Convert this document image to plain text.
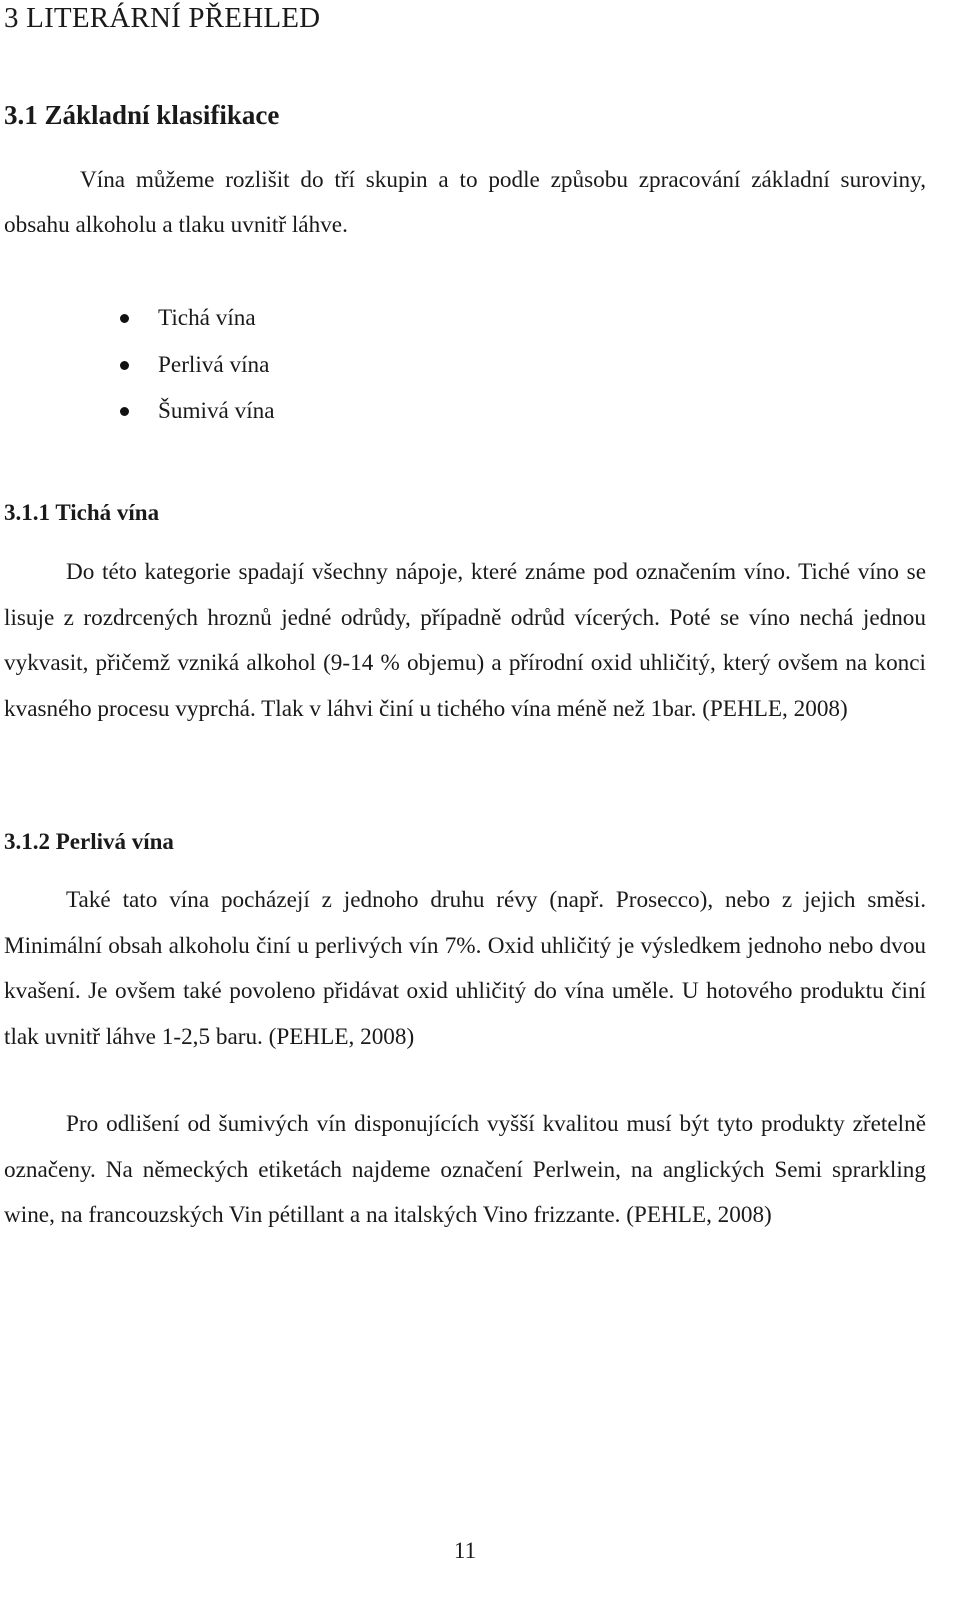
3 LITERÁRNÍ PŘEHLED
3.1 Základní klasifikace

Vína můžeme rozlišit do tří skupin a to podle způsobu zpracování základní suroviny, obsahu alkoholu a tlaku uvnitř láhve.

Tichá vína
Perlivá vína
Šumivá vína
3.1.1 Tichá vína

Do této kategorie spadají všechny nápoje, které známe pod označením víno. Tiché víno se lisuje z rozdrcených hroznů jedné odrůdy, případně odrůd vícerých. Poté se víno nechá jednou vykvasit, přičemž vzniká alkohol (9-14 % objemu) a přírodní oxid uhličitý, který ovšem na konci kvasného procesu vyprchá. Tlak v láhvi činí u tichého vína méně než 1bar. (PEHLE, 2008)

3.1.2 Perlivá vína

Také tato vína pocházejí z jednoho druhu révy (např. Prosecco), nebo z jejich směsi. Minimální obsah alkoholu činí u perlivých vín 7%. Oxid uhličitý je výsledkem jednoho nebo dvou kvašení. Je ovšem také povoleno přidávat oxid uhličitý do vína uměle. U hotového produktu činí tlak uvnitř láhve 1-2,5 baru. (PEHLE, 2008)

Pro odlišení od šumivých vín disponujících vyšší kvalitou musí být tyto produkty zřetelně označeny. Na německých etiketách najdeme označení Perlwein, na anglických Semi sprarkling wine, na francouzských Vin pétillant a na italských Vino frizzante. (PEHLE, 2008)

11
